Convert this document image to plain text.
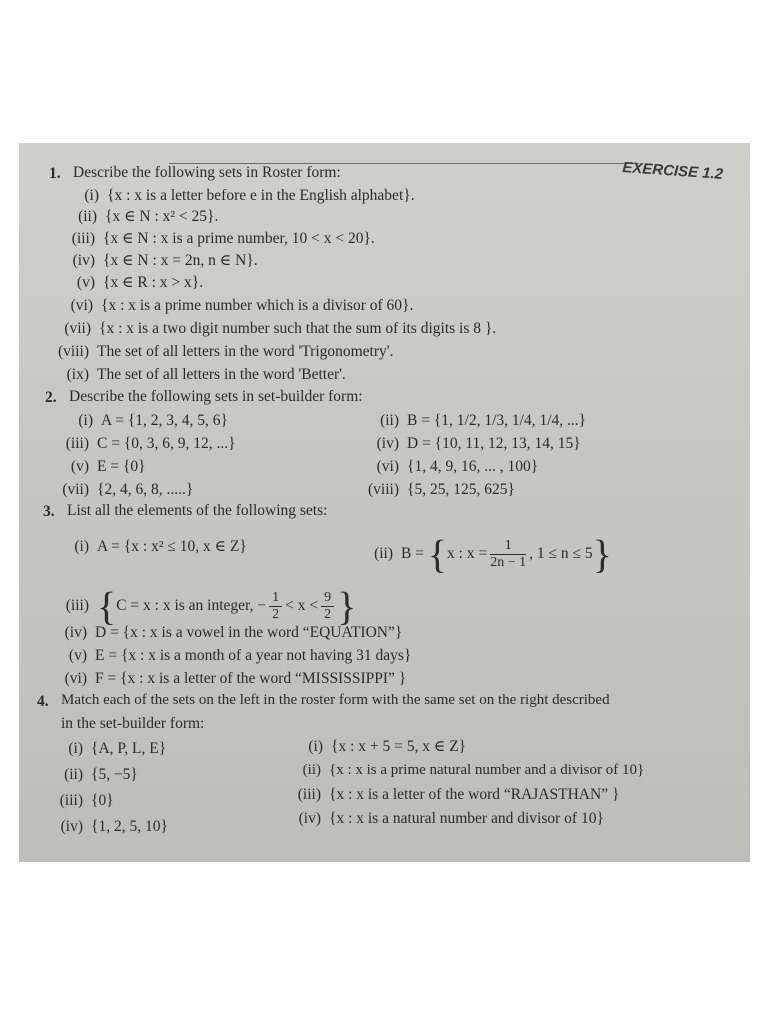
EXERCISE 1.2
1. Describe the following sets in Roster form:
(i) {x : x is a letter before e in the English alphabet}.
(ii) {x ∈ N : x² < 25}.
(iii) {x ∈ N : x is a prime number, 10 < x < 20}.
(iv) {x ∈ N : x = 2n, n ∈ N}.
(v) {x ∈ R : x > x}.
(vi) {x : x is a prime number which is a divisor of 60}.
(vii) {x : x is a two digit number such that the sum of its digits is 8 }.
(viii) The set of all letters in the word 'Trigonometry'.
(ix) The set of all letters in the word 'Better'.
2. Describe the following sets in set-builder form:
(i) A = {1, 2, 3, 4, 5, 6}
(iii) C = {0, 3, 6, 9, 12, ...}
(v) E = {0}
(vii) {2, 4, 6, 8, .....}
(ii) B = {1, 1/2, 1/3, 1/4, 1/4, ...}
(iv) D = {10, 11, 12, 13, 14, 15}
(vi) {1, 4, 9, 16, ... , 100}
(viii) {5, 25, 125, 625}
3. List all the elements of the following sets:
(i) A = {x : x² ≤ 10, x ∈ Z}	(ii) B = {x : $x = \frac{1}{2n - 1}$ , 1 ≤ n ≤ 5}
(iii) {C = x : x is an integer, − $\frac{1}{2} < x < \frac{9}{2}$ }
(iv) D = {x : x is a vowel in the word “EQUATION”}
(v) E = {x : x is a month of a year not having 31 days}
(vi) F = {x : x is a letter of the word “MISSISSIPPI” }
4. Match each of the sets on the left in the roster form with the same set on the right described
in the set-builder form:
(i) {A, P, L, E}
(ii) {5, −5}
(iii) {0}
(iv) {1, 2, 5, 10}
(i) {x : x + 5 = 5, x ∈ Z}
(ii) {x : x is a prime natural number and a divisor of 10}
(iii) {x : x is a letter of the word “RAJASTHAN” }
(iv) {x : x is a natural number and divisor of 10}
